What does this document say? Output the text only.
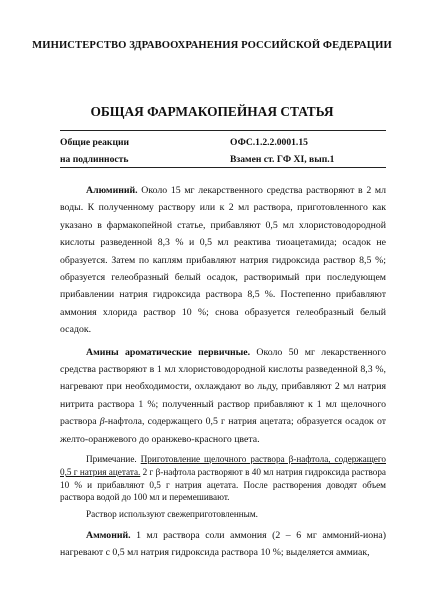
МИНИСТЕРСТВО ЗДРАВООХРАНЕНИЯ РОССИЙСКОЙ ФЕДЕРАЦИИ
ОБЩАЯ ФАРМАКОПЕЙНАЯ СТАТЬЯ
Общие реакции
на подлинность
ОФС.1.2.2.0001.15
Взамен ст. ГФ XI, вып.1

Алюминий. Около 15 мг лекарственного средства растворяют в 2 мл воды. К полученному раствору или к 2 мл раствора, приготовленного как указано в фармакопейной статье, прибавляют 0,5 мл хлористоводородной кислоты разведенной 8,3 % и 0,5 мл реактива тиоацетамида; осадок не образуется. Затем по каплям прибавляют натрия гидроксида раствор 8,5 %; образуется гелеобразный белый осадок, растворимый при последующем прибавлении натрия гидроксида раствора 8,5 %. Постепенно прибавляют аммония хлорида раствор 10 %; снова образуется гелеобразный белый осадок.

Амины ароматические первичные. Около 50 мг лекарственного средства растворяют в 1 мл хлористоводородной кислоты разведенной 8,3 %, нагревают при необходимости, охлаждают во льду, прибавляют 2 мл натрия нитрита раствора 1 %; полученный раствор прибавляют к 1 мл щелочного раствора β-нафтола, содержащего 0,5 г натрия ацетата; образуется осадок от желто-оранжевого до оранжево-красного цвета.

Примечание. Приготовление щелочного раствора β-нафтола, содержащего 0,5 г натрия ацетата. 2 г β-нафтола растворяют в 40 мл натрия гидроксида раствора 10 % и прибавляют 0,5 г натрия ацетата. После растворения доводят объем раствора водой до 100 мл и перемешивают.

Раствор используют свежеприготовленным.

Аммоний. 1 мл раствора соли аммония (2 – 6 мг аммоний-иона) нагревают с 0,5 мл натрия гидроксида раствора 10 %; выделяется аммиак,
